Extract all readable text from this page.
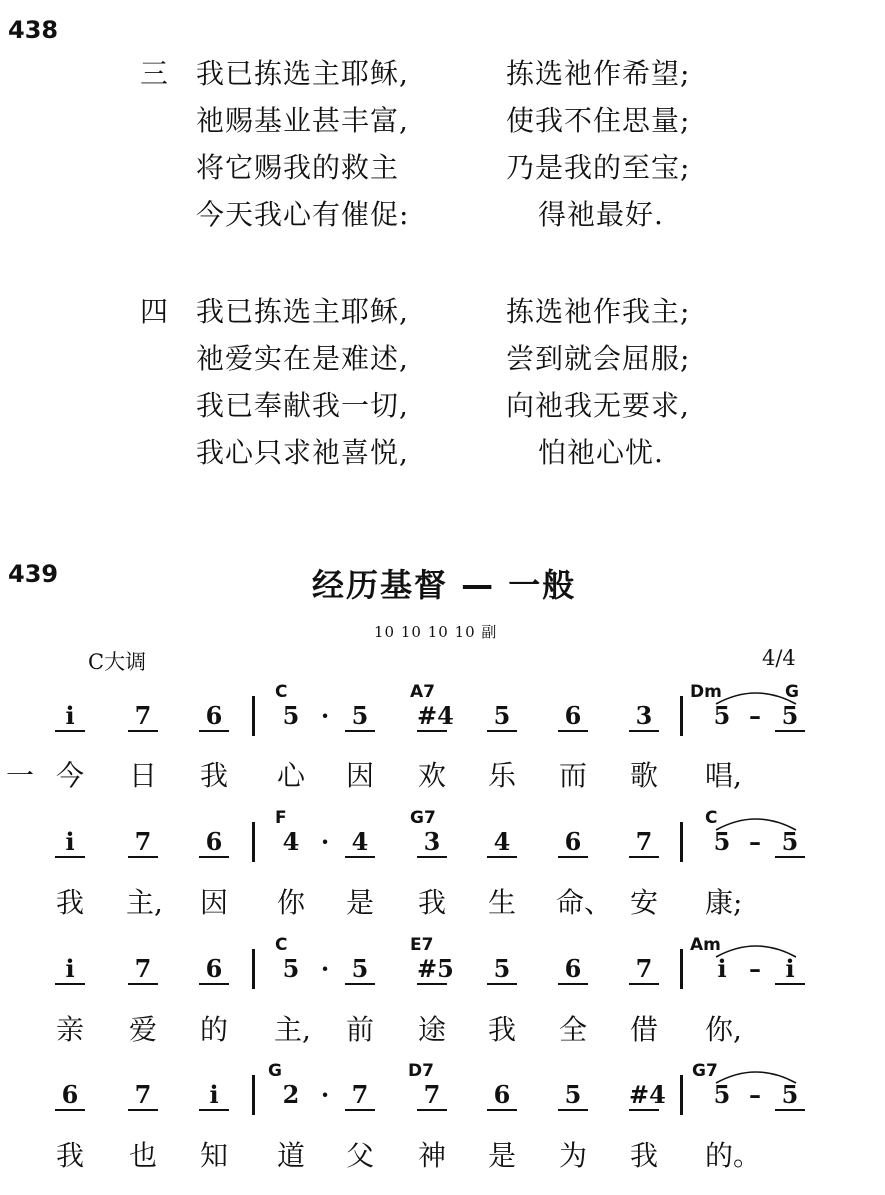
438
三 我已拣选主耶稣,	拣选祂作希望;
祂赐基业甚丰富,	使我不住思量;
将它赐我的救主	乃是我的至宝;
今天我心有催促:	得祂最好.
四 我已拣选主耶稣,	拣选祂作我主;
祂爱实在是难述,	尝到就会屈服;
我已奉献我一切,	向祂我无要求,
我心只求祂喜悦,	怕祂心忧.
439	经历基督 — 一般
10 10 10 10 副
C大调	4/4
C	A7	Dm	G
i	7 6	5 · 5 #4 5 6 3	5 – 5
一 今 日 我 心 因 欢 乐 而 歌 唱,
F	G7	C
i	7 6	4 · 4 3 4 6 7	5 – 5
我 主, 因 你 是 我 生 命、 安 康;
C	E7	Am
i	7 6	5 · 5 #5 5 6 7	i –	i
亲 爱 的 主, 前 途 我 全 借 你,
G	D7	G7
6 7	i	2 · 7 7 6 5 #4 5 – 5
我 也 知 道 父 神 是 为 我 的。
